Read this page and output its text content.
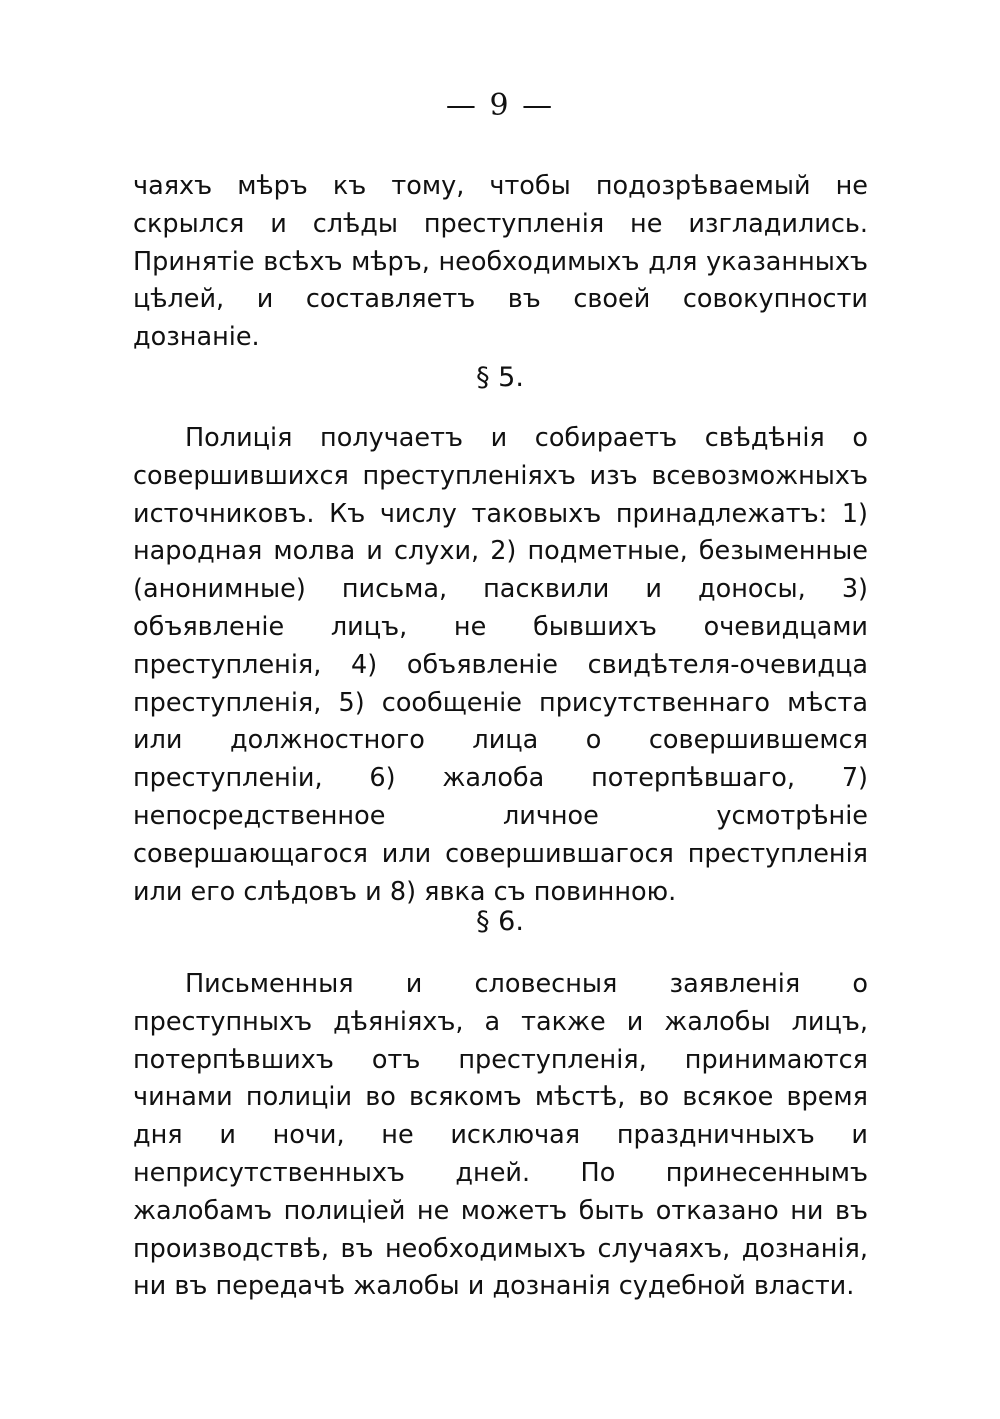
— 9 —
чаяхъ мѣръ къ тому, чтобы подозрѣваемый не скрылся и слѣды преступленія не изгладились. Принятіе всѣхъ мѣръ, необходимыхъ для указанныхъ цѣлей, и составляетъ въ своей совокупности дознаніе.
§ 5.
Полиція получаетъ и собираетъ свѣдѣнія о совершившихся преступленіяхъ изъ всевозможныхъ источниковъ. Къ числу таковыхъ принадлежатъ: 1) народная молва и слухи, 2) подметные, безыменные (анонимные) письма, пасквили и доносы, 3) объявленіе лицъ, не бывшихъ очевидцами преступленія, 4) объявленіе свидѣтеля-очевидца преступленія, 5) сообщеніе присутственнаго мѣста или должностного лица о совершившемся преступленіи, 6) жалоба потерпѣвшаго, 7) непосредственное личное усмотрѣніе совершающагося или совершившагося преступленія или его слѣдовъ и 8) явка съ повинною.
§ 6.
Письменныя и словесныя заявленія о преступныхъ дѣяніяхъ, а также и жалобы лицъ, потерпѣвшихъ отъ преступленія, принимаются чинами полиціи во всякомъ мѣстѣ, во всякое время дня и ночи, не исключая праздничныхъ и неприсутственныхъ дней. По принесеннымъ жалобамъ полиціей не можетъ быть отказано ни въ производствѣ, въ необходимыхъ случаяхъ, дознанія, ни въ передачѣ жалобы и дознанія судебной власти.
